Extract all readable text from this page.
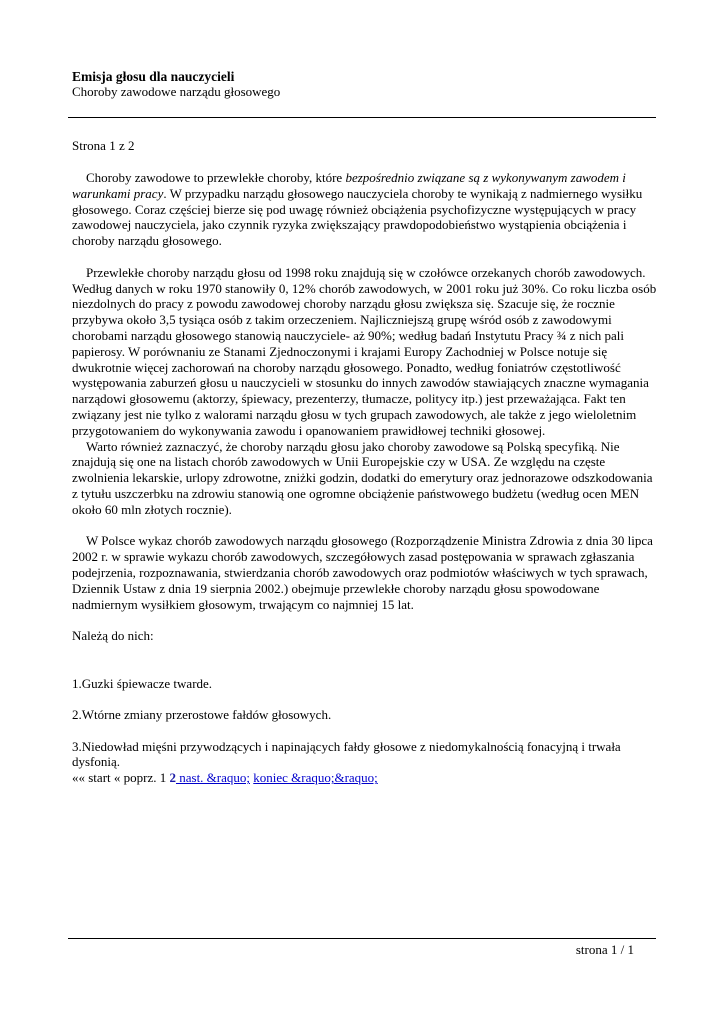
Emisja głosu dla nauczycieli
Choroby zawodowe narządu głosowego
Strona 1 z 2

Choroby zawodowe to przewlekłe choroby, które bezpośrednio związane są z wykonywanym zawodem i warunkami pracy. W przypadku narządu głosowego nauczyciela choroby te wynikają z nadmiernego wysiłku głosowego. Coraz częściej bierze się pod uwagę również obciążenia psychofizyczne występujących w pracy zawodowej nauczyciela, jako czynnik ryzyka zwiększający prawdopodobieństwo wystąpienia obciążenia i choroby narządu głosowego.

Przewlekłe choroby narządu głosu od 1998 roku znajdują się w czołówce orzekanych chorób zawodowych. Według danych w roku 1970 stanowiły 0, 12% chorób zawodowych, w 2001 roku już 30%. Co roku liczba osób niezdolnych do pracy z powodu zawodowej choroby narządu głosu zwiększa się. Szacuje się, że rocznie przybywa około 3,5 tysiąca osób z takim orzeczeniem. Najliczniejszą grupę wśród osób z zawodowymi chorobami narządu głosowego stanowią nauczyciele- aż 90%; według badań Instytutu Pracy ¾ z nich pali papierosy. W porównaniu ze Stanami Zjednoczonymi i krajami Europy Zachodniej w Polsce notuje się dwukrotnie więcej zachorowań na choroby narządu głosowego. Ponadto, według foniatrów częstotliwość występowania zaburzeń głosu u nauczycieli w stosunku do innych zawodów stawiających znaczne wymagania narządowi głosowemu (aktorzy, śpiewacy, prezenterzy, tłumacze, politycy itp.) jest przeważająca. Fakt ten związany jest nie tylko z walorami narządu głosu w tych grupach zawodowych, ale także z jego wieloletnim przygotowaniem do wykonywania zawodu i opanowaniem prawidłowej techniki głosowej.

Warto również zaznaczyć, że choroby narządu głosu jako choroby zawodowe są Polską specyfiką. Nie znajdują się one na listach chorób zawodowych w Unii Europejskie czy w USA. Ze względu na częste zwolnienia lekarskie, urlopy zdrowotne, zniżki godzin, dodatki do emerytury oraz jednorazowe odszkodowania z tytułu uszczerbku na zdrowiu stanowią one ogromne obciążenie państwowego budżetu (według ocen MEN około 60 mln złotych rocznie).

W Polsce wykaz chorób zawodowych narządu głosowego (Rozporządzenie Ministra Zdrowia z dnia 30 lipca 2002 r. w sprawie wykazu chorób zawodowych, szczegółowych zasad postępowania w sprawach zgłaszania podejrzenia, rozpoznawania, stwierdzania chorób zawodowych oraz podmiotów właściwych w tych sprawach, Dziennik Ustaw z dnia 19 sierpnia 2002.) obejmuje przewlekłe choroby narządu głosu spowodowane nadmiernym wysiłkiem głosowym, trwającym co najmniej 15 lat.

Należą do nich:

1.Guzki śpiewacze twarde.

2.Wtórne zmiany przerostowe fałdów głosowych.

3.Niedowład mięśni przywodzących i napinających fałdy głosowe z niedomykalnością fonacyjną i trwała dysfonią.

«« start « poprz. 1 2 nast. &raquo; koniec &raquo;&raquo;

strona 1 / 1
